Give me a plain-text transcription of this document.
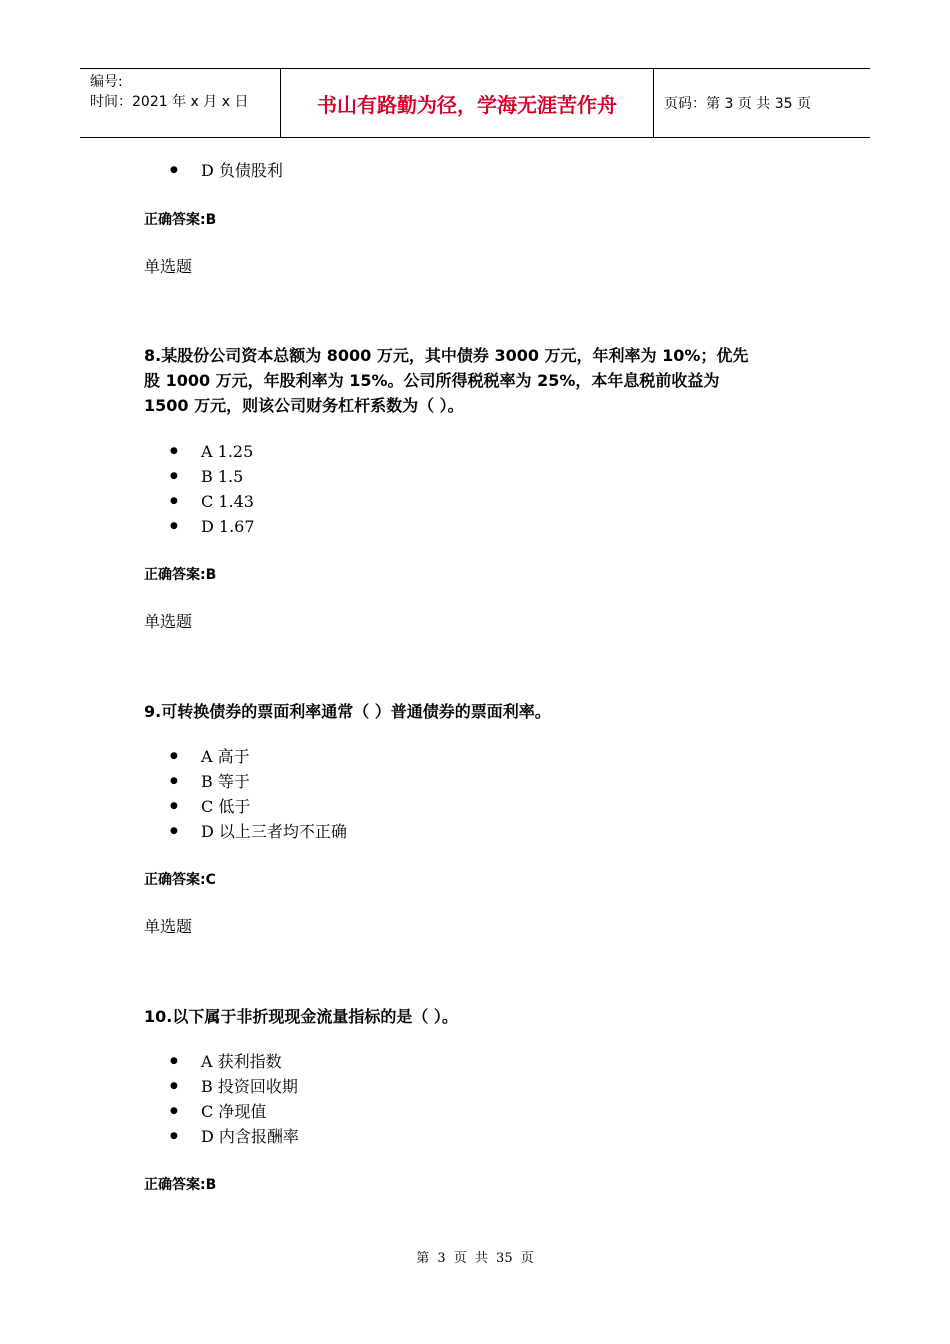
编号:
时间：2021 年 x 月 x 日	书山有路勤为径，学海无涯苦作舟	页码：第 3 页 共 35 页
● D 负债股利
正确答案:B
单选题
8.某股份公司资本总额为 8000 万元，其中债券 3000 万元，年利率为 10%；优先
股 1000 万元，年股利率为 15%。公司所得税税率为 25%，本年息税前收益为
1500 万元，则该公司财务杠杆系数为（ ）。
● A 1.25
● B 1.5
● C 1.43
● D 1.67
正确答案:B
单选题
9.可转换债券的票面利率通常（ ）普通债券的票面利率。
● A 高于
● B 等于
● C 低于
● D 以上三者均不正确
正确答案:C
单选题
10.以下属于非折现现金流量指标的是（ ）。
● A 获利指数
● B 投资回收期
● C 净现值
● D 内含报酬率
正确答案:B
第 3 页 共 35 页
